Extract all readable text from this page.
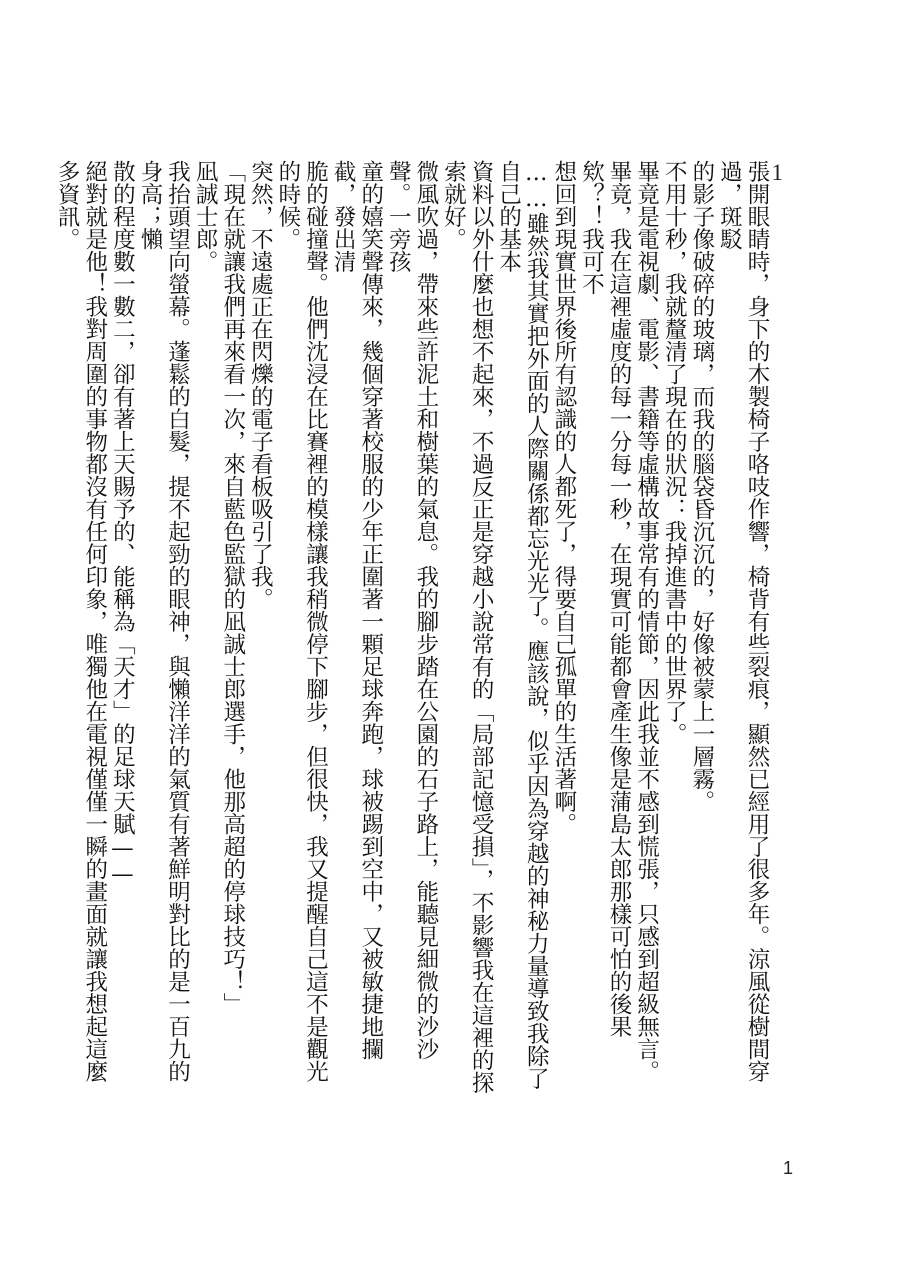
1
張開眼睛時，身下的木製椅子咯吱作響，椅背有些裂痕，顯然已經用了很多年。涼風從樹間穿過，斑駁
的影子像破碎的玻璃，而我的腦袋昏沉沉的，好像被蒙上一層霧。
不用十秒，我就釐清了現在的狀況：我掉進書中的世界了。
畢竟是電視劇、電影、書籍等虛構故事常有的情節，因此我並不感到慌張，只感到超級無言。
畢竟，我在這裡虛度的每一分每一秒，在現實可能都會產生像是蒲島太郎那樣可怕的後果欸？！我可不
想回到現實世界後所有認識的人都死了，得要自己孤單的生活著啊。
……雖然我其實把外面的人際關係都忘光光了。應該說，似乎因為穿越的神秘力量導致我除了自己的基本
資料以外什麼也想不起來，不過反正是穿越小說常有的「局部記憶受損」，不影響我在這裡的探索就好。
微風吹過，帶來些許泥土和樹葉的氣息。我的腳步踏在公園的石子路上，能聽見細微的沙沙聲。一旁孩
童的嬉笑聲傳來，幾個穿著校服的少年正圍著一顆足球奔跑，球被踢到空中，又被敏捷地攔截，發出清
脆的碰撞聲。他們沈浸在比賽裡的模樣讓我稍微停下腳步，但很快，我又提醒自己這不是觀光的時候。
突然，不遠處正在閃爍的電子看板吸引了我。
「現在就讓我們再來看一次，來自藍色監獄的凪誠士郎選手，他那高超的停球技巧！」
凪誠士郎。
我抬頭望向螢幕。蓬鬆的白髮，提不起勁的眼神，與懶洋洋的氣質有著鮮明對比的是一百九的身高；懶
散的程度數一數二，卻有著上天賜予的、能稱為「天才」的足球天賦——
絕對就是他！我對周圍的事物都沒有任何印象，唯獨他在電視僅僅一瞬的畫面就讓我想起這麼多資訊。
1
